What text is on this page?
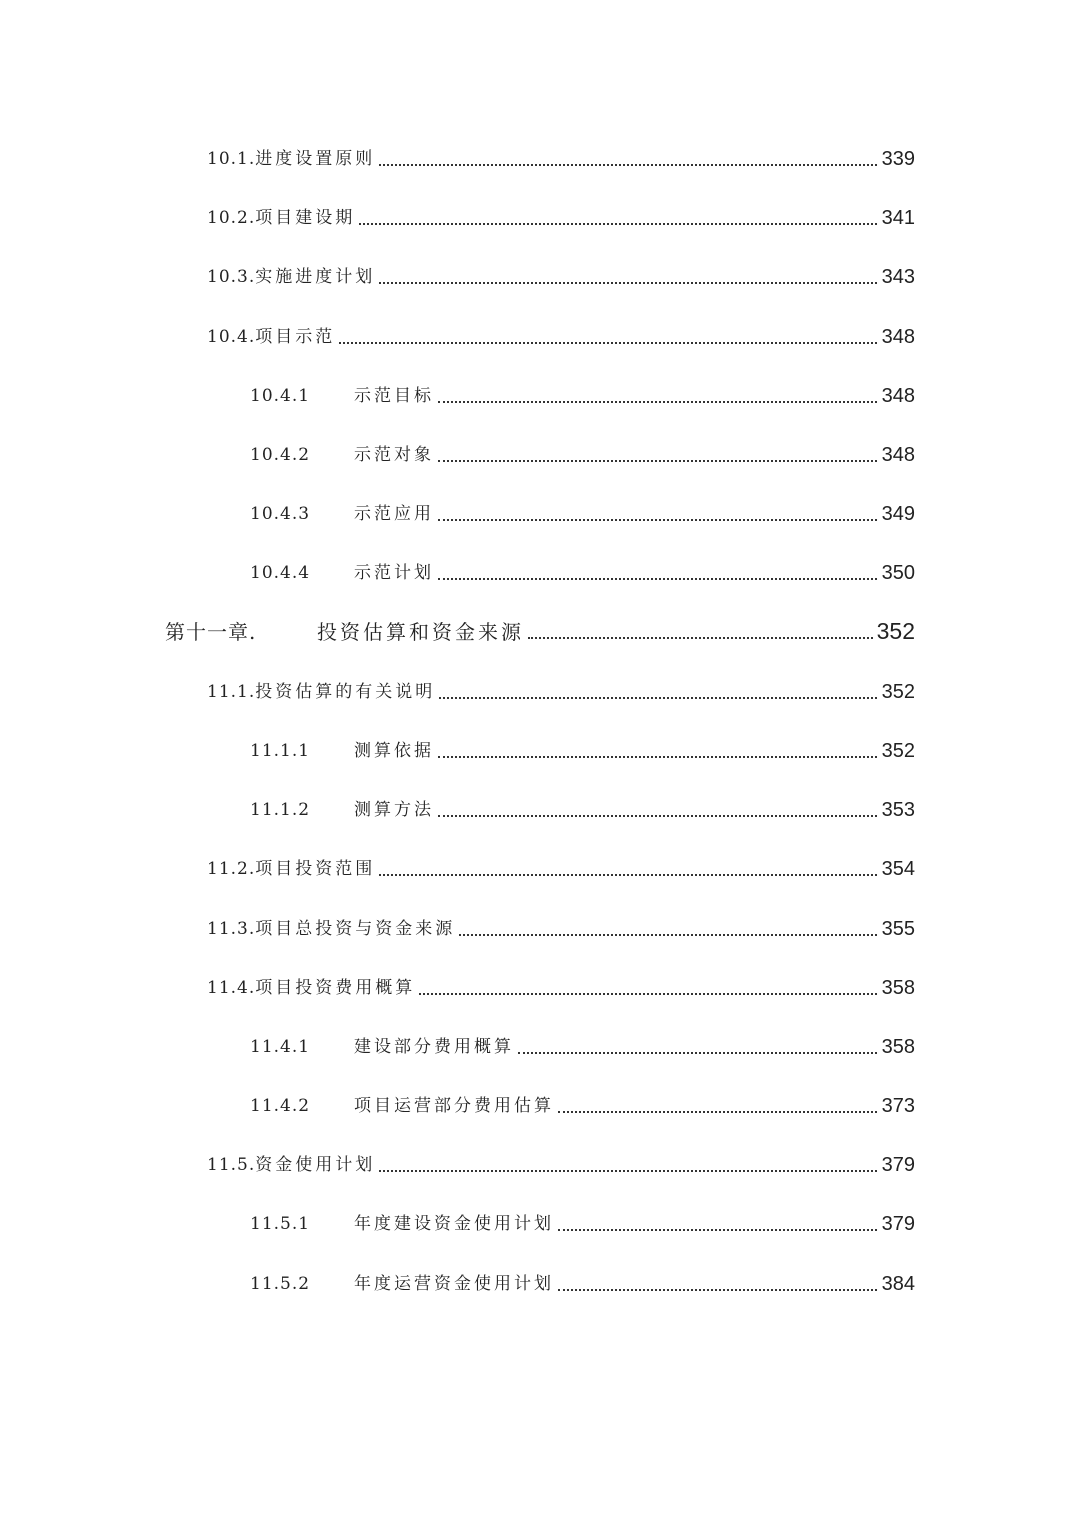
10.1. 进度设置原则	339
10.2. 项目建设期	341
10.3. 实施进度计划	343
10.4. 项目示范	348
10.4.1	示范目标	348
10.4.2	示范对象	348
10.4.3	示范应用	349
10.4.4	示范计划	350
第十一章.	投资估算和资金来源	352
11.1. 投资估算的有关说明	352
11.1.1	测算依据	352
11.1.2	测算方法	353
11.2. 项目投资范围	354
11.3. 项目总投资与资金来源	355
11.4. 项目投资费用概算	358
11.4.1	建设部分费用概算	358
11.4.2	项目运营部分费用估算	373
11.5. 资金使用计划	379
11.5.1	年度建设资金使用计划	379
11.5.2	年度运营资金使用计划	384
